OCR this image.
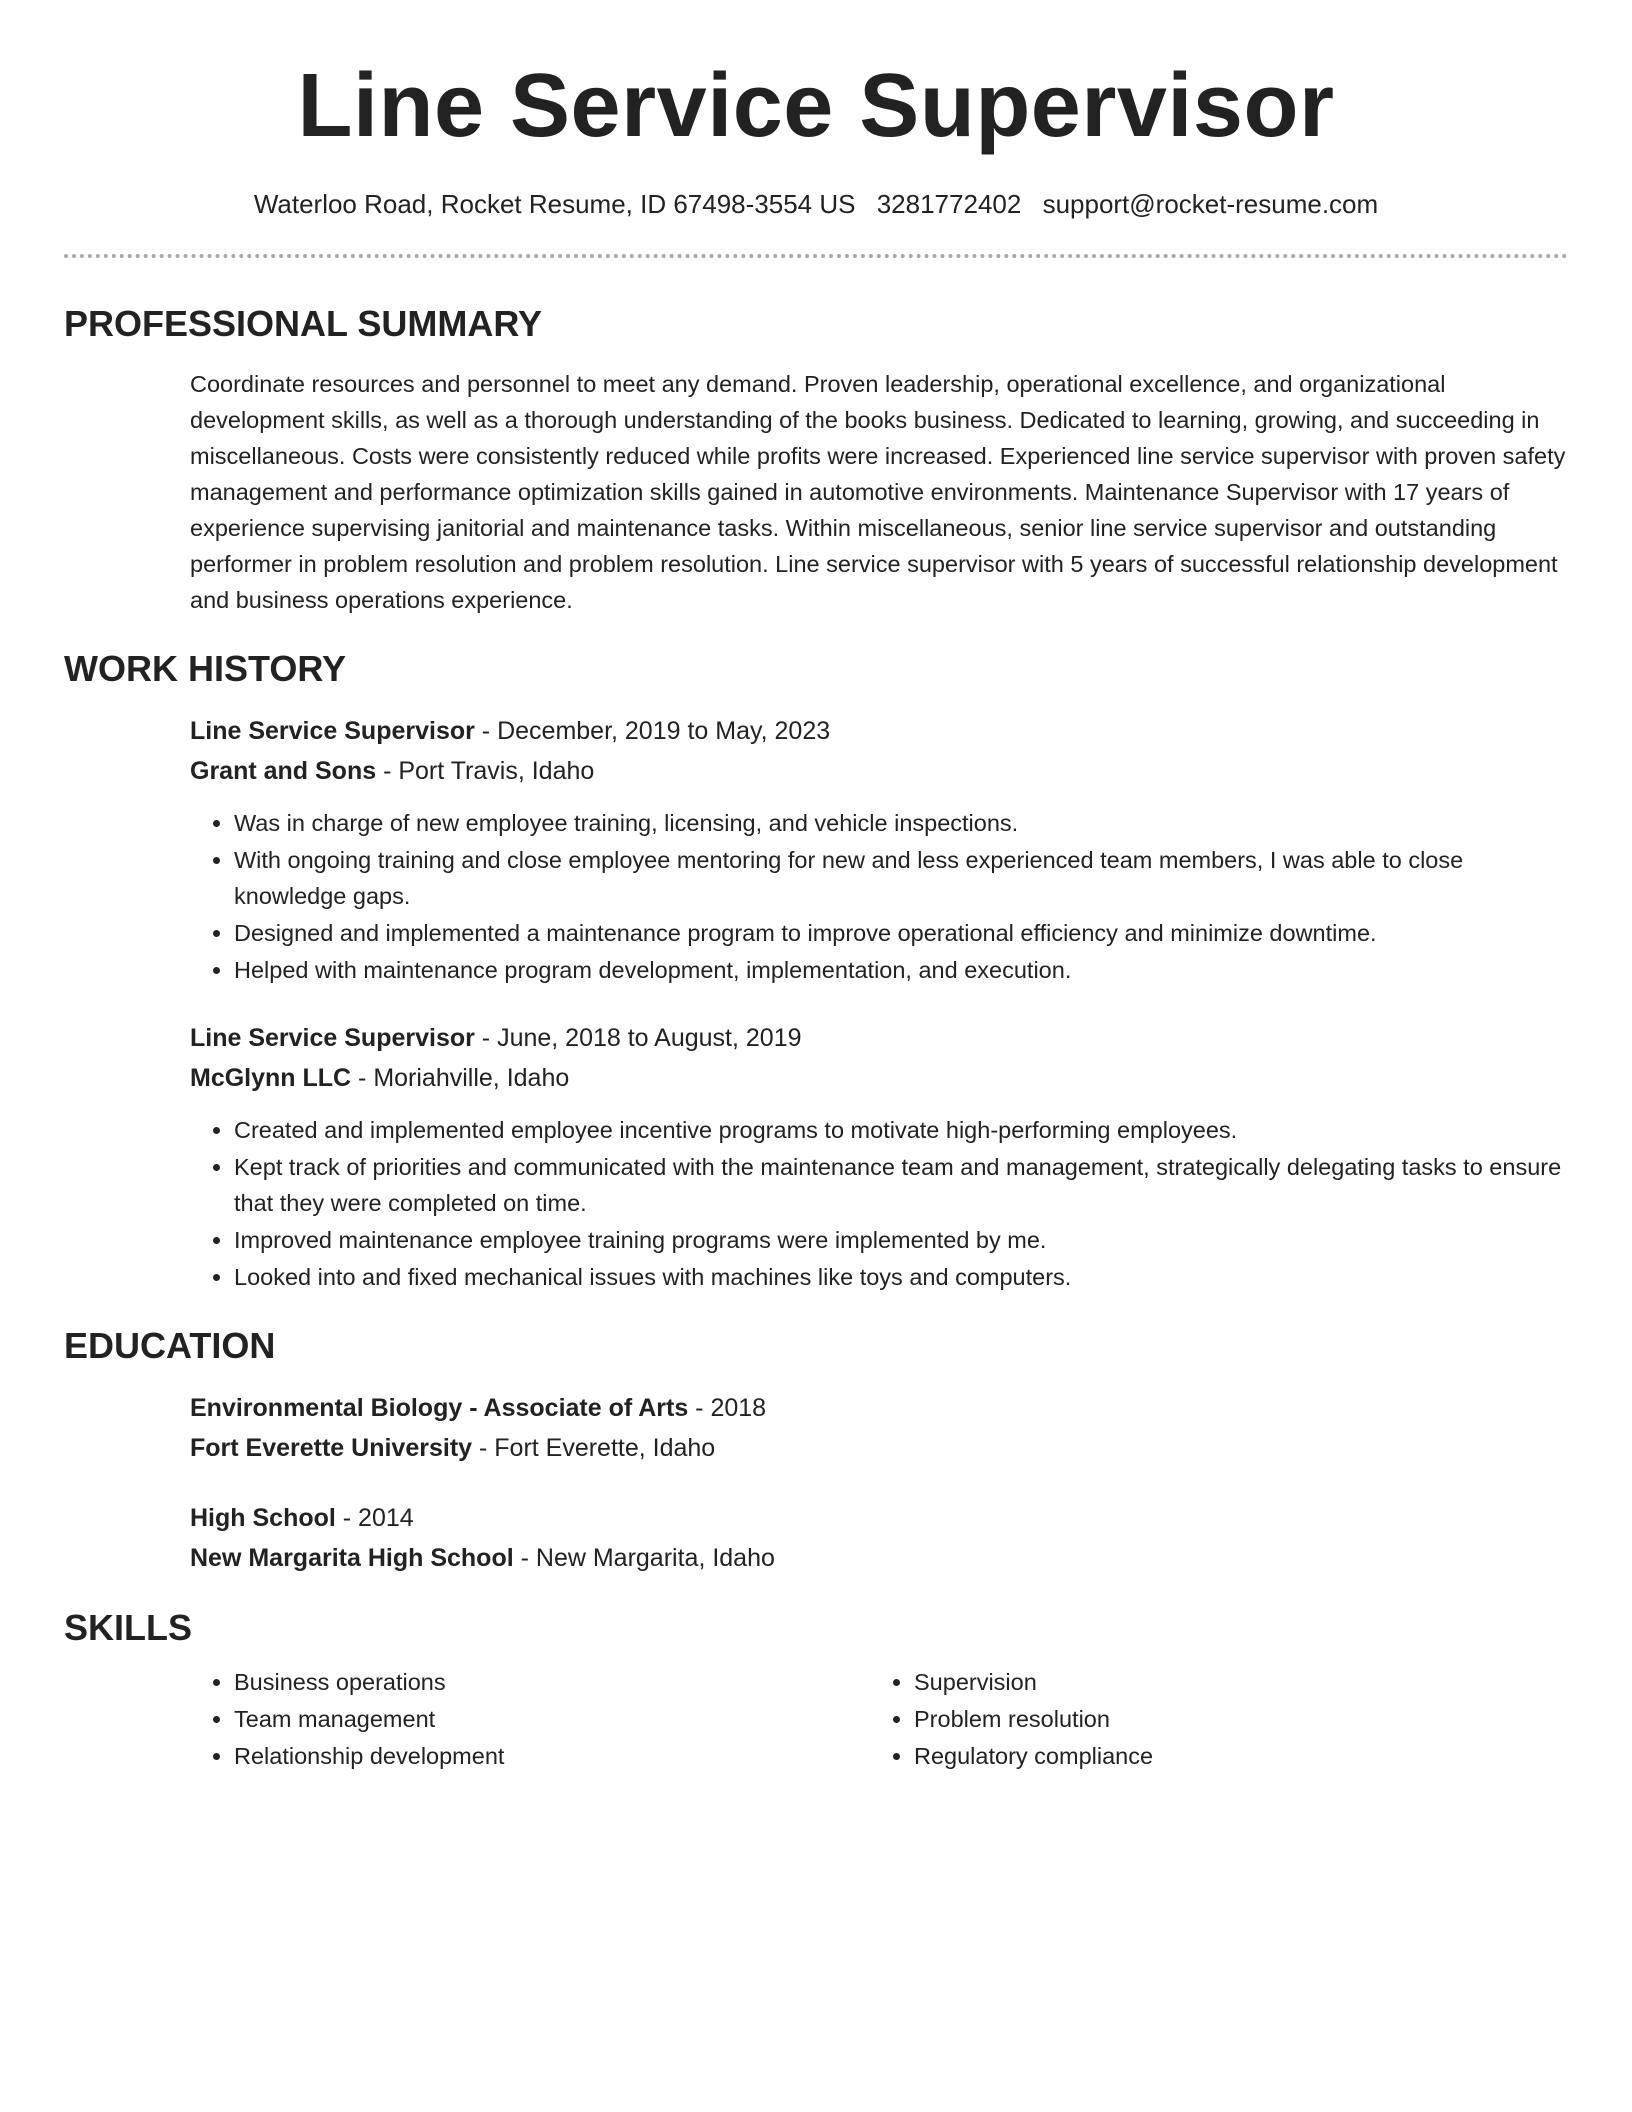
Line Service Supervisor
Waterloo Road, Rocket Resume, ID 67498-3554 US 3281772402 support@rocket-resume.com
PROFESSIONAL SUMMARY

Coordinate resources and personnel to meet any demand. Proven leadership, operational excellence, and organizational development skills, as well as a thorough understanding of the books business. Dedicated to learning, growing, and succeeding in miscellaneous. Costs were consistently reduced while profits were increased. Experienced line service supervisor with proven safety management and performance optimization skills gained in automotive environments. Maintenance Supervisor with 17 years of experience supervising janitorial and maintenance tasks. Within miscellaneous, senior line service supervisor and outstanding performer in problem resolution and problem resolution. Line service supervisor with 5 years of successful relationship development and business operations experience.

WORK HISTORY
Line Service Supervisor - December, 2019 to May, 2023
Grant and Sons - Port Travis, Idaho
• Was in charge of new employee training, licensing, and vehicle inspections.
• With ongoing training and close employee mentoring for new and less experienced team members, I was able to close knowledge gaps.
• Designed and implemented a maintenance program to improve operational efficiency and minimize downtime.
• Helped with maintenance program development, implementation, and execution.
Line Service Supervisor - June, 2018 to August, 2019
McGlynn LLC - Moriahville, Idaho
• Created and implemented employee incentive programs to motivate high-performing employees.
• Kept track of priorities and communicated with the maintenance team and management, strategically delegating tasks to ensure that they were completed on time.
• Improved maintenance employee training programs were implemented by me.
• Looked into and fixed mechanical issues with machines like toys and computers.
EDUCATION
Environmental Biology - Associate of Arts - 2018
Fort Everette University - Fort Everette, Idaho
High School - 2014
New Margarita High School - New Margarita, Idaho
SKILLS
• Business operations
• Team management
• Relationship development
• Supervision
• Problem resolution
• Regulatory compliance
